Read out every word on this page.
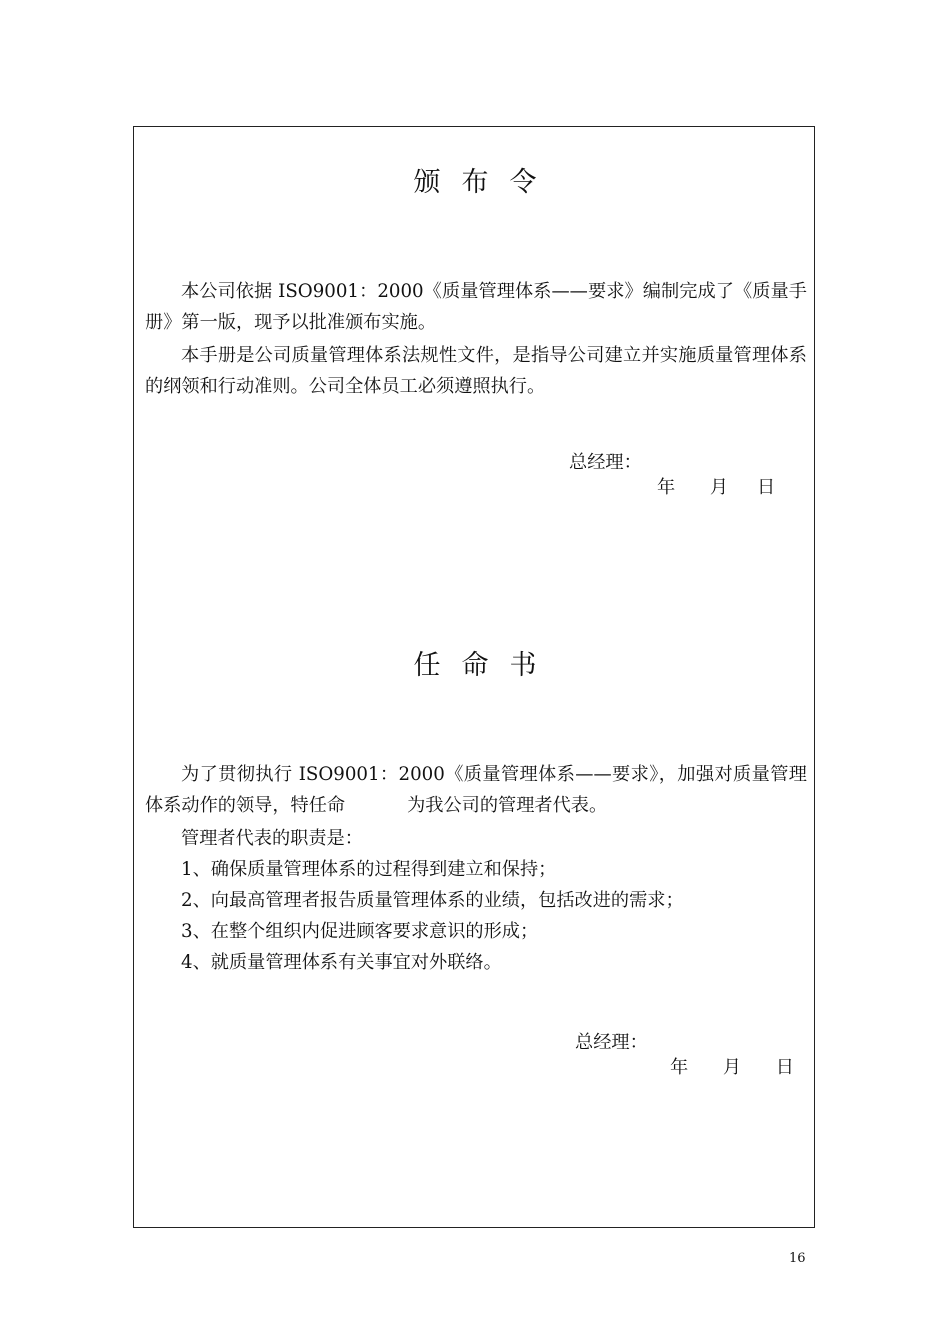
颁布令

本公司依据 ISO9001：2000《质量管理体系——要求》编制完成了《质量手册》第一版，现予以批准颁布实施。

本手册是公司质量管理体系法规性文件，是指导公司建立并实施质量管理体系的纲领和行动准则。公司全体员工必须遵照执行。

总经理：
年      月     日
任命书

为了贯彻执行 ISO9001：2000《质量管理体系——要求》，加强对质量管理体系动作的领导，特任命	为我公司的管理者代表。

管理者代表的职责是：
1、确保质量管理体系的过程得到建立和保持；
2、向最高管理者报告质量管理体系的业绩，包括改进的需求；
3、在整个组织内促进顾客要求意识的形成；
4、就质量管理体系有关事宜对外联络。
总经理：
年      月      日
16
